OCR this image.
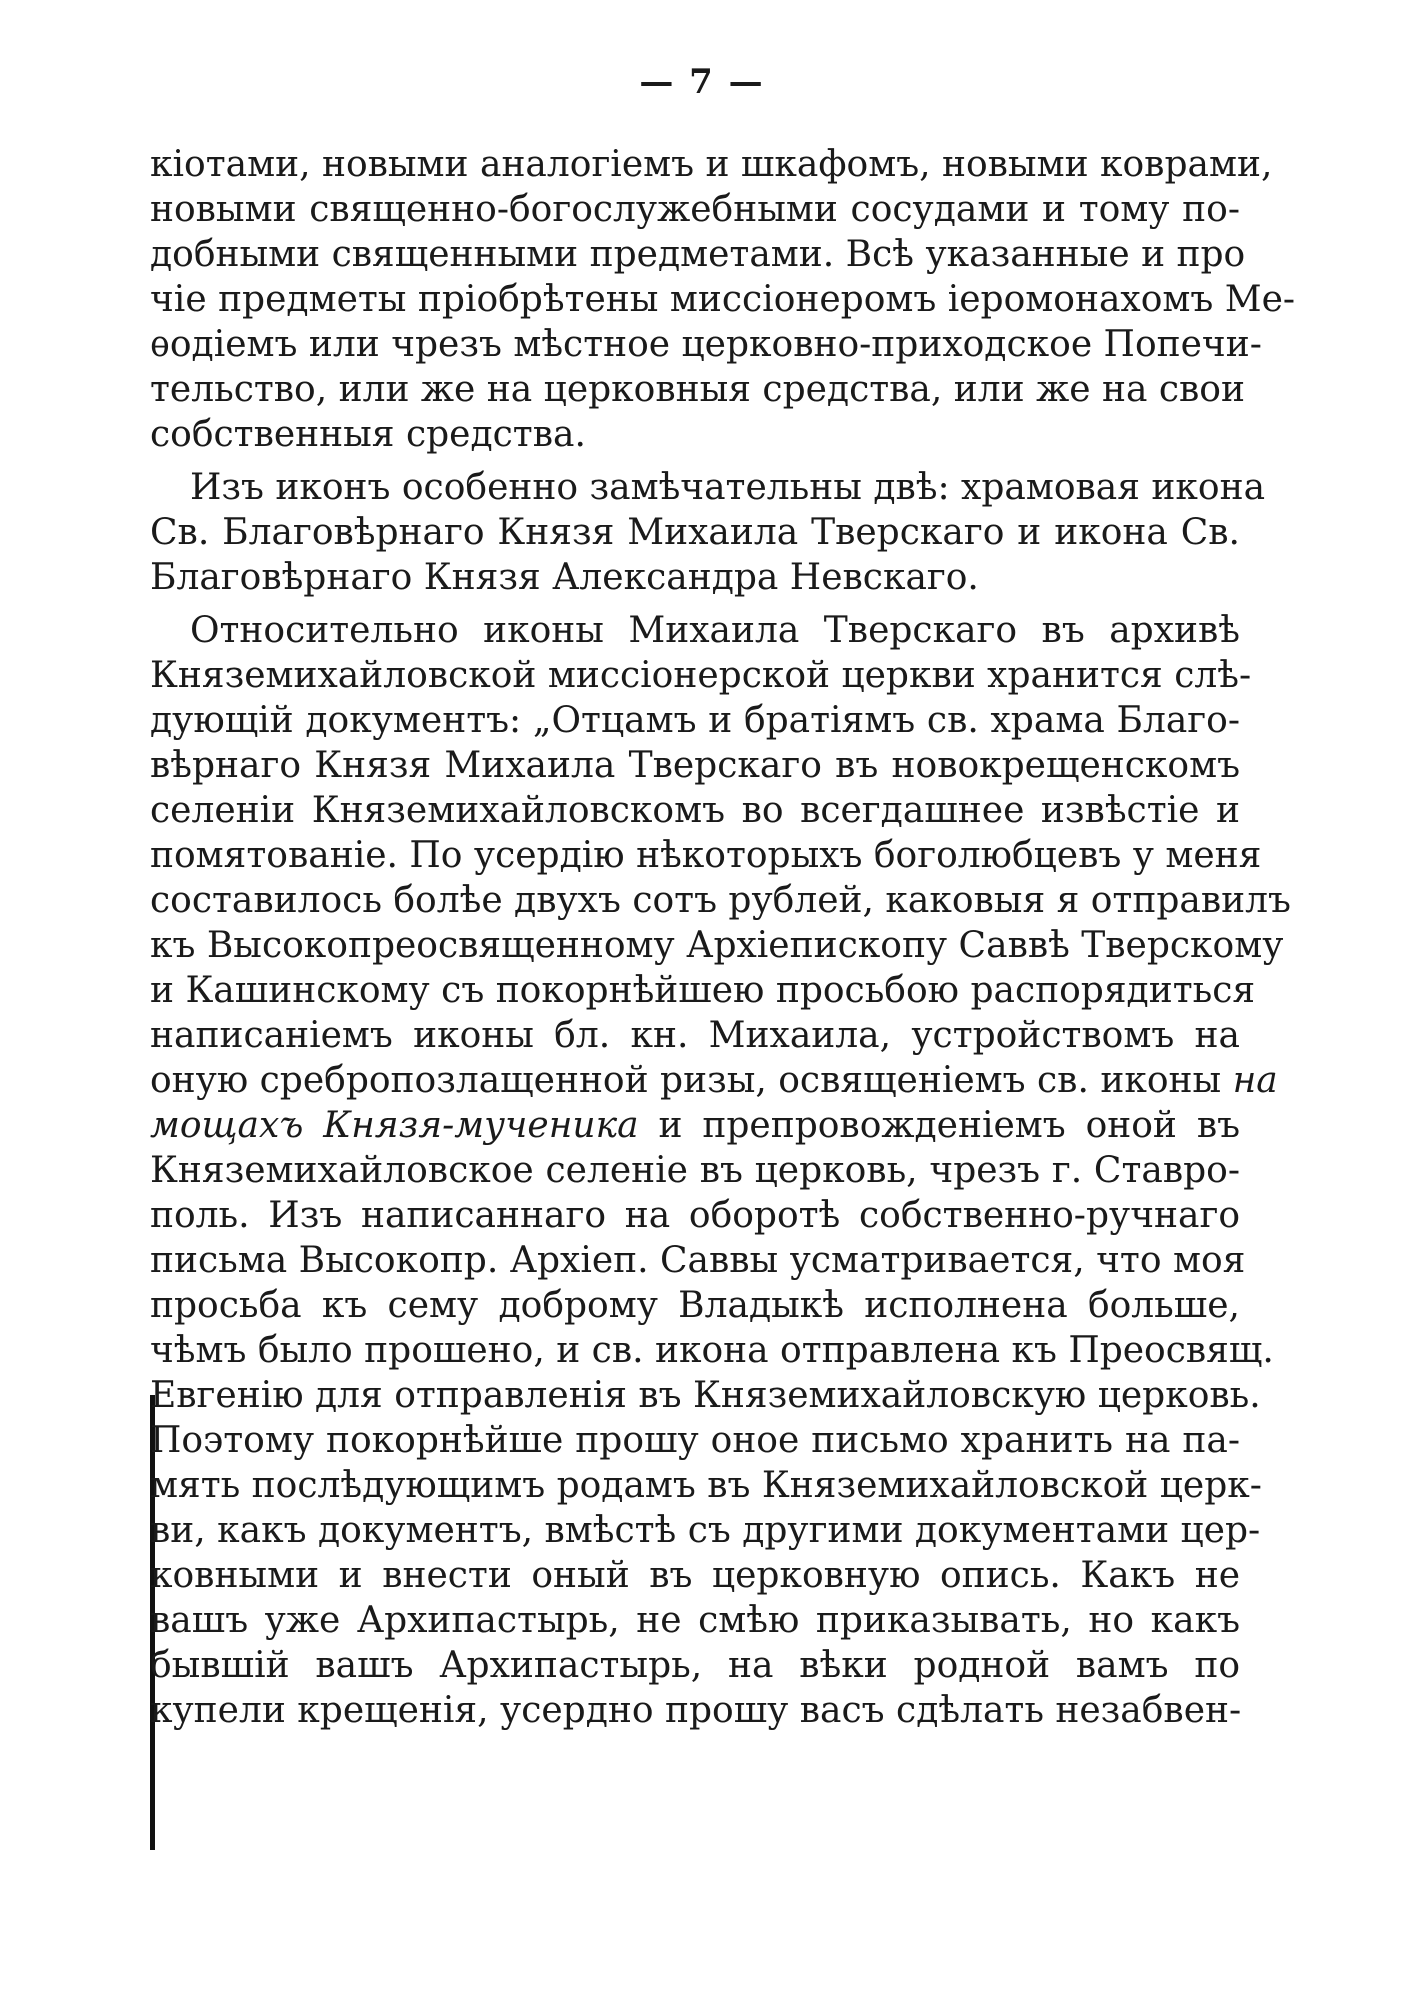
— 7 —
кіотами, новыми аналогіемъ и шкафомъ, новыми коврами,
новыми священно-богослужебными сосудами и тому по-
добными священными предметами. Всѣ указанные и про
чіе предметы пріобрѣтены миссіонеромъ іеромонахомъ Ме-
ѳодіемъ или чрезъ мѣстное церковно-приходское Попечи-
тельство, или же на церковныя средства, или же на свои
собственныя средства.
Изъ иконъ особенно замѣчательны двѣ: храмовая икона
Св. Благовѣрнаго Князя Михаила Тверскаго и икона Св.
Благовѣрнаго Князя Александра Невскаго.
Относительно иконы Михаила Тверскаго въ архивѣ
Княземихайловской миссіонерской церкви хранится слѣ-
дующій документъ: „Отцамъ и братіямъ св. храма Благо-
вѣрнаго Князя Михаила Тверскаго въ новокрещенскомъ
селеніи Княземихайловскомъ во всегдашнее извѣстіе и
помятованіе. По усердію нѣкоторыхъ боголюбцевъ у меня
составилось болѣе двухъ сотъ рублей, каковыя я отправилъ
къ Высокопреосвященному Архіепископу Саввѣ Тверскому
и Кашинскому съ покорнѣйшею просьбою распорядиться
написаніемъ иконы бл. кн. Михаила, устройствомъ на
оную сребропозлащенной ризы, освященіемъ св. иконы на
мощахъ Князя-мученика и препровожденіемъ оной въ
Княземихайловское селеніе въ церковь, чрезъ г. Ставро-
поль. Изъ написаннаго на оборотѣ собственно-ручнаго
письма Высокопр. Архіеп. Саввы усматривается, что моя
просьба къ сему доброму Владыкѣ исполнена больше,
чѣмъ было прошено, и св. икона отправлена къ Преосвящ.
Евгенію для отправленія въ Княземихайловскую церковь.
Поэтому покорнѣйше прошу оное письмо хранить на па-
мять послѣдующимъ родамъ въ Княземихайловской церк-
ви, какъ документъ, вмѣстѣ съ другими документами цер-
ковными и внести оный въ церковную опись. Какъ не
вашъ уже Архипастырь, не смѣю приказывать, но какъ
бывшій вашъ Архипастырь, на вѣки родной вамъ по
купели крещенія, усердно прошу васъ сдѣлать незабвен-
